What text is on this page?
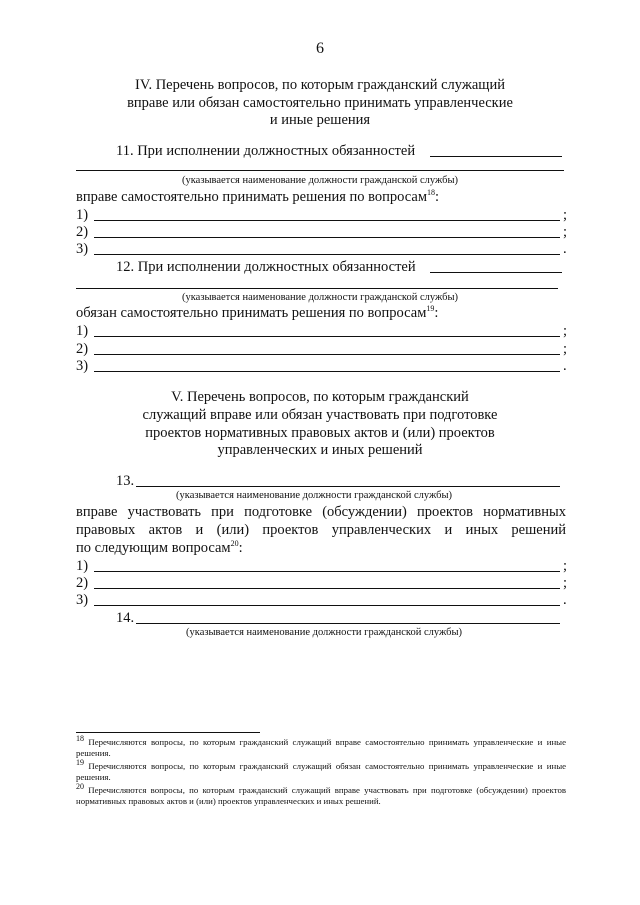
6
IV. Перечень вопросов, по которым гражданский служащий
вправе или обязан самостоятельно принимать управленческие
и иные решения
11. При исполнении должностных обязанностей
(указывается наименование должности гражданской службы)
вправе самостоятельно принимать решения по вопросам$^{18}$:
1)	;
2)	;
3)	.
12. При исполнении должностных обязанностей
(указывается наименование должности гражданской службы)
обязан самостоятельно принимать решения по вопросам$^{19}$:
1)	;
2)	;
3)	.
V. Перечень вопросов, по которым гражданский
служащий вправе или обязан участвовать при подготовке
проектов нормативных правовых актов и (или) проектов
управленческих и иных решений
13.
(указывается наименование должности гражданской службы)
вправе участвовать при подготовке (обсуждении) проектов нормативных
правовых актов и (или) проектов управленческих и иных решений
по следующим вопросам$^{20}$:
1)	;
2)	;
3)	.
14.
(указывается наименование должности гражданской службы)
$^{18}$ Перечисляются вопросы, по которым гражданский служащий вправе самостоятельно принимать управленческие и иные решения.
$^{19}$ Перечисляются вопросы, по которым гражданский служащий обязан самостоятельно принимать управленческие и иные решения.
$^{20}$ Перечисляются вопросы, по которым гражданский служащий вправе участвовать при подготовке (обсуждении) проектов нормативных правовых актов и (или) проектов управленческих и иных решений.
